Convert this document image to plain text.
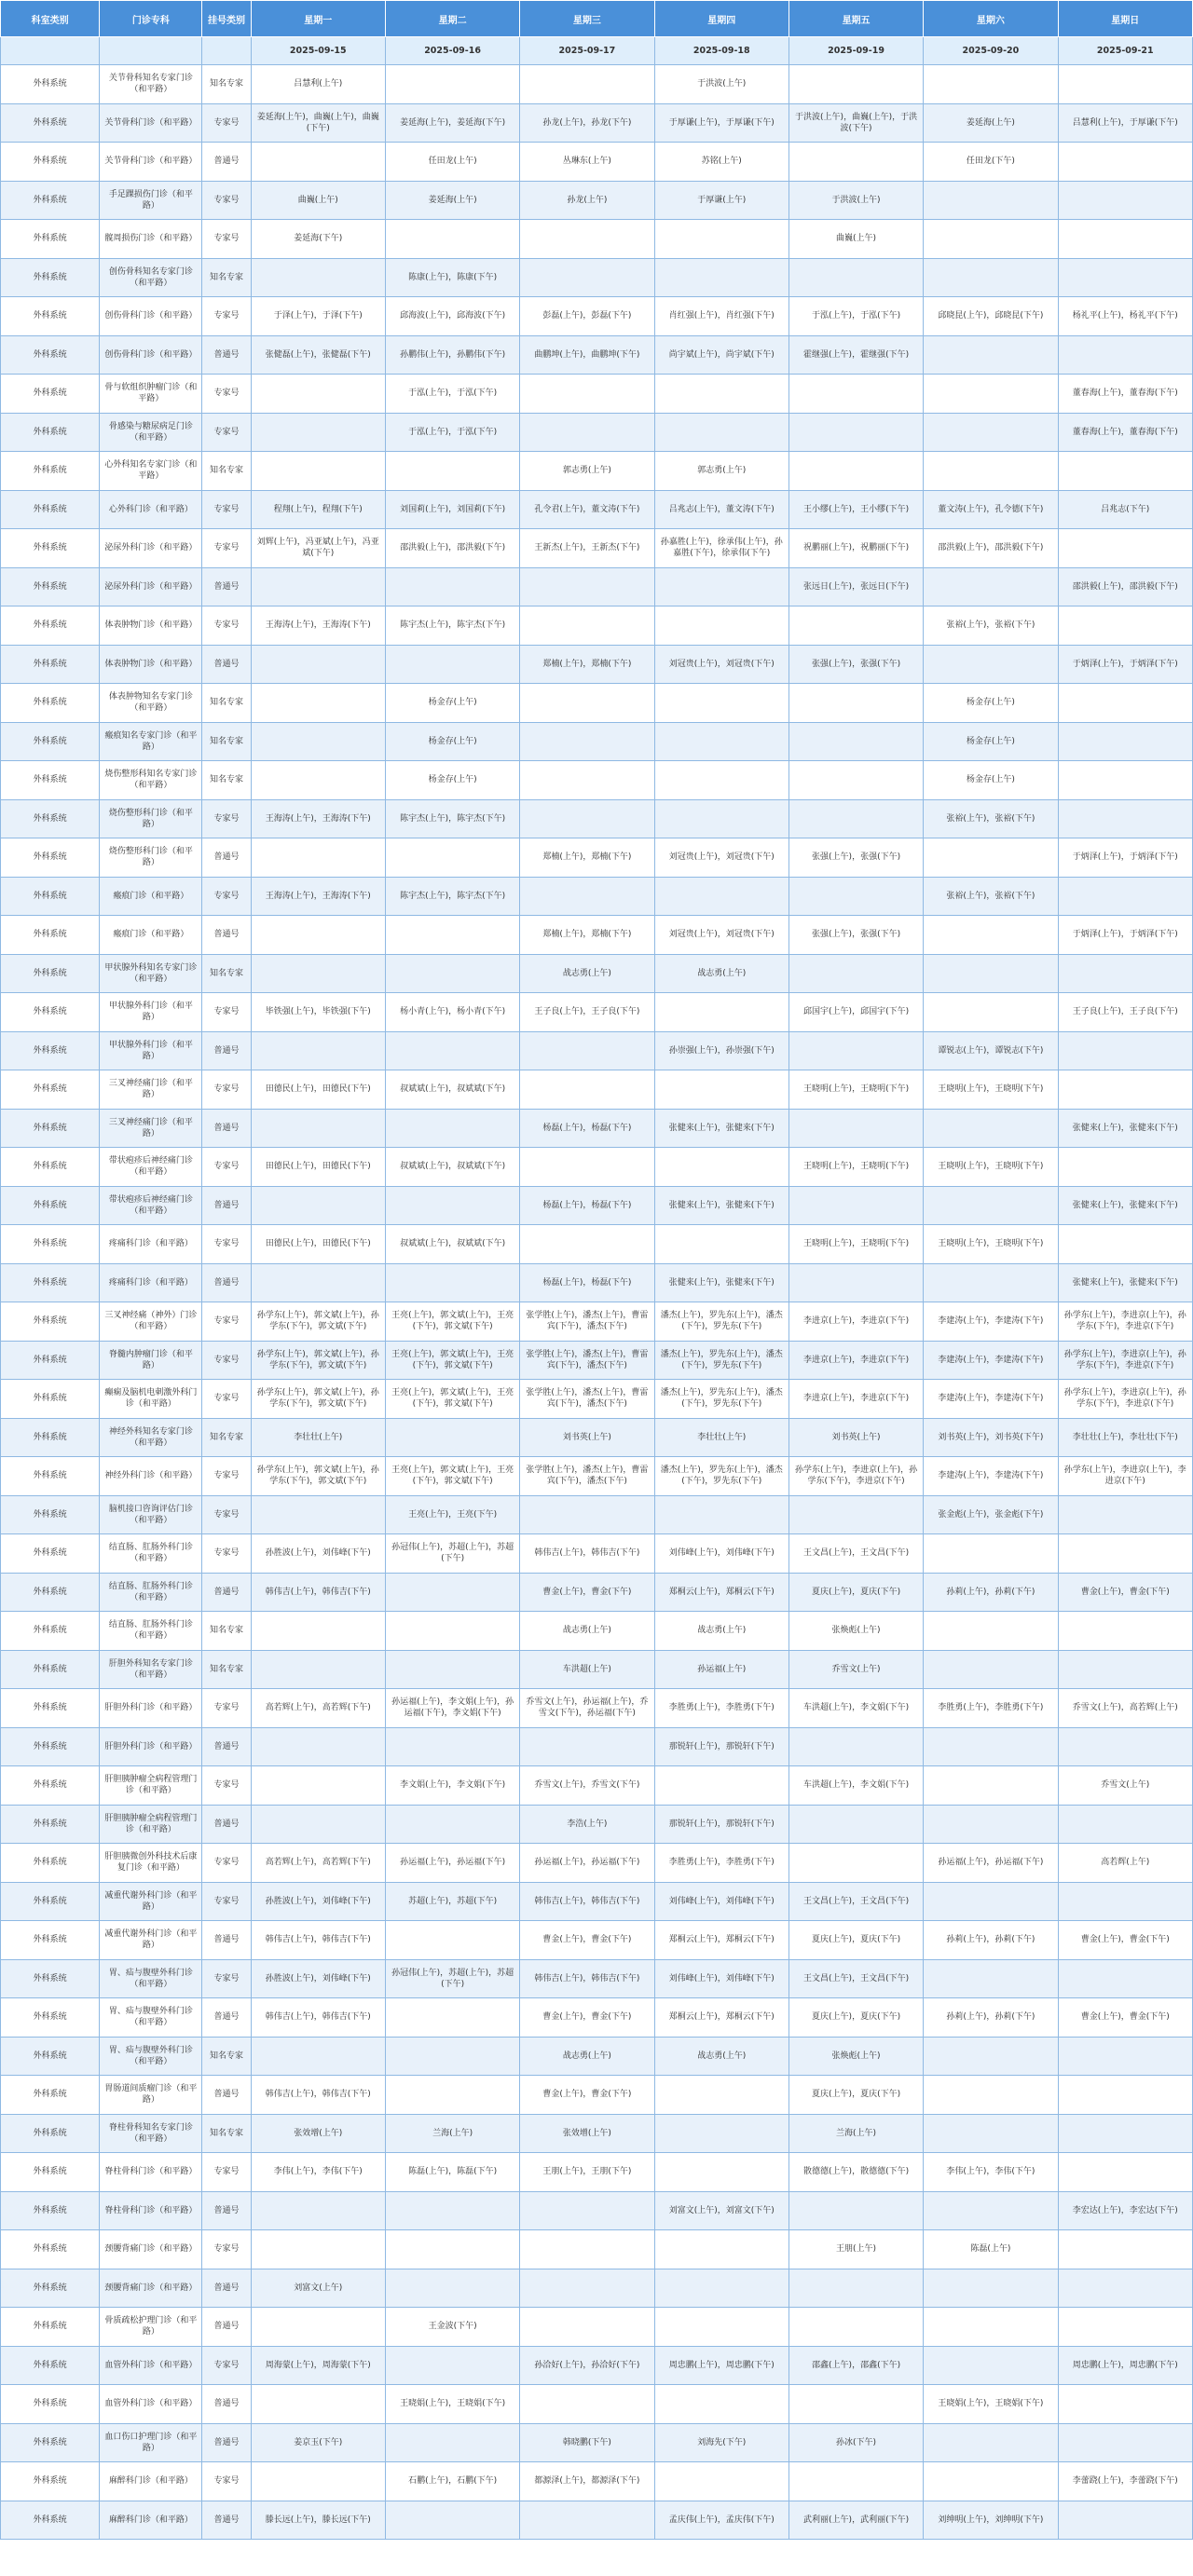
科室类别	门诊专科	挂号类别	星期一	星期二	星期三	星期四	星期五	星期六	星期日
			2025-09-15	2025-09-16	2025-09-17	2025-09-18	2025-09-19	2025-09-20	2025-09-21
外科系统	关节骨科知名专家门诊（和平路）	知名专家	吕慧利(上午)			于洪波(上午)			
外科系统	关节骨科门诊（和平路）	专家号	姜延海(上午)，曲巍(上午)，曲巍(下午)	姜延海(上午)，姜延海(下午)	孙龙(上午)，孙龙(下午)	于厚谦(上午)，于厚谦(下午)	于洪波(上午)，曲巍(上午)，于洪波(下午)	姜延海(上午)	吕慧利(上午)，于厚谦(下午)
外科系统	关节骨科门诊（和平路）	普通号		任田龙(上午)	丛琳东(上午)	苏铭(上午)		任田龙(下午)	
外科系统	手足踝损伤门诊（和平路）	专家号	曲巍(上午)	姜延海(上午)	孙龙(上午)	于厚谦(上午)	于洪波(上午)		
外科系统	髋周损伤门诊（和平路）	专家号	姜延海(下午)				曲巍(上午)		
外科系统	创伤骨科知名专家门诊（和平路）	知名专家		陈康(上午)，陈康(下午)					
外科系统	创伤骨科门诊（和平路）	专家号	于泽(上午)，于泽(下午)	邱海波(上午)，邱海波(下午)	彭磊(上午)，彭磊(下午)	肖红强(上午)，肖红强(下午)	于泓(上午)，于泓(下午)	邱晓昆(上午)，邱晓昆(下午)	杨礼平(上午)，杨礼平(下午)
外科系统	创伤骨科门诊（和平路）	普通号	张健磊(上午)，张健磊(下午)	孙鹏伟(上午)，孙鹏伟(下午)	曲鹏坤(上午)，曲鹏坤(下午)	尚宇斌(上午)，尚宇斌(下午)	霍继强(上午)，霍继强(下午)		
外科系统	骨与软组织肿瘤门诊（和平路）	专家号		于泓(上午)，于泓(下午)					董春海(上午)，董春海(下午)
外科系统	骨感染与糖尿病足门诊（和平路）	专家号		于泓(上午)，于泓(下午)					董春海(上午)，董春海(下午)
外科系统	心外科知名专家门诊（和平路）	知名专家			郭志勇(上午)	郭志勇(上午)			
外科系统	心外科门诊（和平路）	专家号	程翔(上午)，程翔(下午)	刘国莉(上午)，刘国莉(下午)	孔令君(上午)，董文涛(下午)	吕兆志(上午)，董文涛(下午)	王小缪(上午)，王小缪(下午)	董文涛(上午)，孔令德(下午)	吕兆志(下午)
外科系统	泌尿外科门诊（和平路）	专家号	刘辉(上午)，冯亚斌(上午)，冯亚斌(下午)	邵洪毅(上午)，邵洪毅(下午)	王新杰(上午)，王新杰(下午)	孙嘉胜(上午)，徐承伟(上午)，孙嘉胜(下午)，徐承伟(下午)	祝鹏丽(上午)，祝鹏丽(下午)	邵洪毅(上午)，邵洪毅(下午)	
外科系统	泌尿外科门诊（和平路）	普通号					张远日(上午)，张远日(下午)		邵洪毅(上午)，邵洪毅(下午)
外科系统	体表肿物门诊（和平路）	专家号	王海涛(上午)，王海涛(下午)	陈宇杰(上午)，陈宇杰(下午)				张裕(上午)，张裕(下午)	
外科系统	体表肿物门诊（和平路）	普通号			郑楠(上午)，郑楠(下午)	刘冠贵(上午)，刘冠贵(下午)	张强(上午)，张强(下午)		于炳泽(上午)，于炳泽(下午)
外科系统	体表肿物知名专家门诊（和平路）	知名专家		杨金存(上午)				杨金存(上午)	
外科系统	瘢痕知名专家门诊（和平路）	知名专家		杨金存(上午)				杨金存(上午)	
外科系统	烧伤整形科知名专家门诊（和平路）	知名专家		杨金存(上午)				杨金存(上午)	
外科系统	烧伤整形科门诊（和平路）	专家号	王海涛(上午)，王海涛(下午)	陈宇杰(上午)，陈宇杰(下午)				张裕(上午)，张裕(下午)	
外科系统	烧伤整形科门诊（和平路）	普通号			郑楠(上午)，郑楠(下午)	刘冠贵(上午)，刘冠贵(下午)	张强(上午)，张强(下午)		于炳泽(上午)，于炳泽(下午)
外科系统	瘢痕门诊（和平路）	专家号	王海涛(上午)，王海涛(下午)	陈宇杰(上午)，陈宇杰(下午)				张裕(上午)，张裕(下午)	
外科系统	瘢痕门诊（和平路）	普通号			郑楠(上午)，郑楠(下午)	刘冠贵(上午)，刘冠贵(下午)	张强(上午)，张强(下午)		于炳泽(上午)，于炳泽(下午)
外科系统	甲状腺外科知名专家门诊（和平路）	知名专家			战志勇(上午)	战志勇(上午)			
外科系统	甲状腺外科门诊（和平路）	专家号	毕铁强(上午)，毕铁强(下午)	杨小青(上午)，杨小青(下午)	王子良(上午)，王子良(下午)		邱国宇(上午)，邱国宇(下午)		王子良(上午)，王子良(下午)
外科系统	甲状腺外科门诊（和平路）	普通号				孙崇强(上午)，孙崇强(下午)		谭锐志(上午)，谭锐志(下午)	
外科系统	三叉神经痛门诊（和平路）	专家号	田德民(上午)，田德民(下午)	叔斌斌(上午)，叔斌斌(下午)			王晓明(上午)，王晓明(下午)	王晓明(上午)，王晓明(下午)	
外科系统	三叉神经痛门诊（和平路）	普通号			杨磊(上午)，杨磊(下午)	张健来(上午)，张健来(下午)			张健来(上午)，张健来(下午)
外科系统	带状疱疹后神经痛门诊（和平路）	专家号	田德民(上午)，田德民(下午)	叔斌斌(上午)，叔斌斌(下午)			王晓明(上午)，王晓明(下午)	王晓明(上午)，王晓明(下午)	
外科系统	带状疱疹后神经痛门诊（和平路）	普通号			杨磊(上午)，杨磊(下午)	张健来(上午)，张健来(下午)			张健来(上午)，张健来(下午)
外科系统	疼痛科门诊（和平路）	专家号	田德民(上午)，田德民(下午)	叔斌斌(上午)，叔斌斌(下午)			王晓明(上午)，王晓明(下午)	王晓明(上午)，王晓明(下午)	
外科系统	疼痛科门诊（和平路）	普通号			杨磊(上午)，杨磊(下午)	张健来(上午)，张健来(下午)			张健来(上午)，张健来(下午)
外科系统	三叉神经痛（神外）门诊（和平路）	专家号	孙学东(上午)，郭文斌(上午)，孙学东(下午)，郭文斌(下午)	王亮(上午)，郭文斌(上午)，王亮(下午)，郭文斌(下午)	张学胜(上午)，潘杰(上午)，曹雷宾(下午)，潘杰(下午)	潘杰(上午)，罗先东(上午)，潘杰(下午)，罗先东(下午)	李进京(上午)，李进京(下午)	李建涛(上午)，李建涛(下午)	孙学东(上午)，李进京(上午)，孙学东(下午)，李进京(下午)
外科系统	脊髓内肿瘤门诊（和平路）	专家号	孙学东(上午)，郭文斌(上午)，孙学东(下午)，郭文斌(下午)	王亮(上午)，郭文斌(上午)，王亮(下午)，郭文斌(下午)	张学胜(上午)，潘杰(上午)，曹雷宾(下午)，潘杰(下午)	潘杰(上午)，罗先东(上午)，潘杰(下午)，罗先东(下午)	李进京(上午)，李进京(下午)	李建涛(上午)，李建涛(下午)	孙学东(上午)，李进京(上午)，孙学东(下午)，李进京(下午)
外科系统	癫痫及脑机电刺激外科门诊（和平路）	专家号	孙学东(上午)，郭文斌(上午)，孙学东(下午)，郭文斌(下午)	王亮(上午)，郭文斌(上午)，王亮(下午)，郭文斌(下午)	张学胜(上午)，潘杰(上午)，曹雷宾(下午)，潘杰(下午)	潘杰(上午)，罗先东(上午)，潘杰(下午)，罗先东(下午)	李进京(上午)，李进京(下午)	李建涛(上午)，李建涛(下午)	孙学东(上午)，李进京(上午)，孙学东(下午)，李进京(下午)
外科系统	神经外科知名专家门诊（和平路）	知名专家	李壮壮(上午)		刘书英(上午)	李壮壮(上午)	刘书英(上午)	刘书英(上午)，刘书英(下午)	李壮壮(上午)，李壮壮(下午)
外科系统	神经外科门诊（和平路）	专家号	孙学东(上午)，郭文斌(上午)，孙学东(下午)，郭文斌(下午)	王亮(上午)，郭文斌(上午)，王亮(下午)，郭文斌(下午)	张学胜(上午)，潘杰(上午)，曹雷宾(下午)，潘杰(下午)	潘杰(上午)，罗先东(上午)，潘杰(下午)，罗先东(下午)	孙学东(上午)，李进京(上午)，孙学东(下午)，李进京(下午)	李建涛(上午)，李建涛(下午)	孙学东(上午)，李进京(上午)，李进京(下午)
外科系统	脑机接口咨询评估门诊（和平路）	专家号		王亮(上午)，王亮(下午)				张金彪(上午)，张金彪(下午)	
外科系统	结直肠、肛肠外科门诊（和平路）	专家号	孙胜波(上午)，刘伟峰(下午)	孙冠伟(上午)，苏超(上午)，苏超(下午)	韩伟吉(上午)，韩伟吉(下午)	刘伟峰(上午)，刘伟峰(下午)	王文昌(上午)，王文昌(下午)		
外科系统	结直肠、肛肠外科门诊（和平路）	普通号	韩伟吉(上午)，韩伟吉(下午)		曹金(上午)，曹金(下午)	郑桐云(上午)，郑桐云(下午)	夏庆(上午)，夏庆(下午)	孙莉(上午)，孙莉(下午)	曹金(上午)，曹金(下午)
外科系统	结直肠、肛肠外科门诊（和平路）	知名专家			战志勇(上午)	战志勇(上午)	张焕彪(上午)		
外科系统	肝胆外科知名专家门诊（和平路）	知名专家			车洪超(上午)	孙运福(上午)	乔雪文(上午)		
外科系统	肝胆外科门诊（和平路）	专家号	高若辉(上午)，高若辉(下午)	孙运福(上午)，李文娟(上午)，孙运福(下午)，李文娟(下午)	乔雪文(上午)，孙运福(上午)，乔雪文(下午)，孙运福(下午)	李胜勇(上午)，李胜勇(下午)	车洪超(上午)，李文娟(下午)	李胜勇(上午)，李胜勇(下午)	乔雪文(上午)，高若辉(上午)
外科系统	肝胆外科门诊（和平路）	普通号				那锐轩(上午)，那锐轩(下午)			
外科系统	肝胆胰肿瘤全病程管理门诊（和平路）	专家号		李文娟(上午)，李文娟(下午)	乔雪文(上午)，乔雪文(下午)		车洪超(上午)，李文娟(下午)		乔雪文(上午)
外科系统	肝胆胰肿瘤全病程管理门诊（和平路）	普通号			李浩(上午)	那锐轩(上午)，那锐轩(下午)			
外科系统	肝胆胰微创外科技术后康复门诊（和平路）	专家号	高若辉(上午)，高若辉(下午)	孙运福(上午)，孙运福(下午)	孙运福(上午)，孙运福(下午)	李胜勇(上午)，李胜勇(下午)		孙运福(上午)，孙运福(下午)	高若辉(上午)
外科系统	减重代谢外科门诊（和平路）	专家号	孙胜波(上午)，刘伟峰(下午)	苏超(上午)，苏超(下午)	韩伟吉(上午)，韩伟吉(下午)	刘伟峰(上午)，刘伟峰(下午)	王文昌(上午)，王文昌(下午)		
外科系统	减重代谢外科门诊（和平路）	普通号	韩伟吉(上午)，韩伟吉(下午)		曹金(上午)，曹金(下午)	郑桐云(上午)，郑桐云(下午)	夏庆(上午)，夏庆(下午)	孙莉(上午)，孙莉(下午)	曹金(上午)，曹金(下午)
外科系统	胃、疝与腹壁外科门诊（和平路）	专家号	孙胜波(上午)，刘伟峰(下午)	孙冠伟(上午)，苏超(上午)，苏超(下午)	韩伟吉(上午)，韩伟吉(下午)	刘伟峰(上午)，刘伟峰(下午)	王文昌(上午)，王文昌(下午)		
外科系统	胃、疝与腹壁外科门诊（和平路）	普通号	韩伟吉(上午)，韩伟吉(下午)		曹金(上午)，曹金(下午)	郑桐云(上午)，郑桐云(下午)	夏庆(上午)，夏庆(下午)	孙莉(上午)，孙莉(下午)	曹金(上午)，曹金(下午)
外科系统	胃、疝与腹壁外科门诊（和平路）	知名专家			战志勇(上午)	战志勇(上午)	张焕彪(上午)		
外科系统	胃肠道间质瘤门诊（和平路）	普通号	韩伟吉(上午)，韩伟吉(下午)		曹金(上午)，曹金(下午)		夏庆(上午)，夏庆(下午)		
外科系统	脊柱骨科知名专家门诊（和平路）	知名专家	张效增(上午)	兰海(上午)	张效增(上午)		兰海(上午)		
外科系统	脊柱骨科门诊（和平路）	专家号	李伟(上午)，李伟(下午)	陈磊(上午)，陈磊(下午)	王朋(上午)，王朋(下午)		散德德(上午)，散德德(下午)	李伟(上午)，李伟(下午)	
外科系统	脊柱骨科门诊（和平路）	普通号				刘富文(上午)，刘富文(下午)			李宏达(上午)，李宏达(下午)
外科系统	颈腰背痛门诊（和平路）	专家号					王朋(上午)	陈磊(上午)	
外科系统	颈腰背痛门诊（和平路）	普通号	刘富文(上午)						
外科系统	骨质疏松护理门诊（和平路）	普通号		王金波(下午)					
外科系统	血管外科门诊（和平路）	专家号	周海蒙(上午)，周海蒙(下午)		孙洽好(上午)，孙洽好(下午)	周忠鹏(上午)，周忠鹏(下午)	邵鑫(上午)，邵鑫(下午)		周忠鹏(上午)，周忠鹏(下午)
外科系统	血管外科门诊（和平路）	普通号		王晓娟(上午)，王晓娟(下午)				王晓娟(上午)，王晓娟(下午)	
外科系统	血口伤口护理门诊（和平路）	普通号	姜京玉(下午)		韩晓鹏(下午)	刘海先(下午)	孙冰(下午)		
外科系统	麻醉科门诊（和平路）	专家号		石鹏(上午)，石鹏(下午)	都源泽(上午)，都源泽(下午)				李蕾跷(上午)，李蕾跷(下午)
外科系统	麻醉科门诊（和平路）	普通号	滕长远(上午)，滕长远(下午)			孟庆伟(上午)，孟庆伟(下午)	武利丽(上午)，武利丽(下午)	刘绅明(上午)，刘绅明(下午)	
